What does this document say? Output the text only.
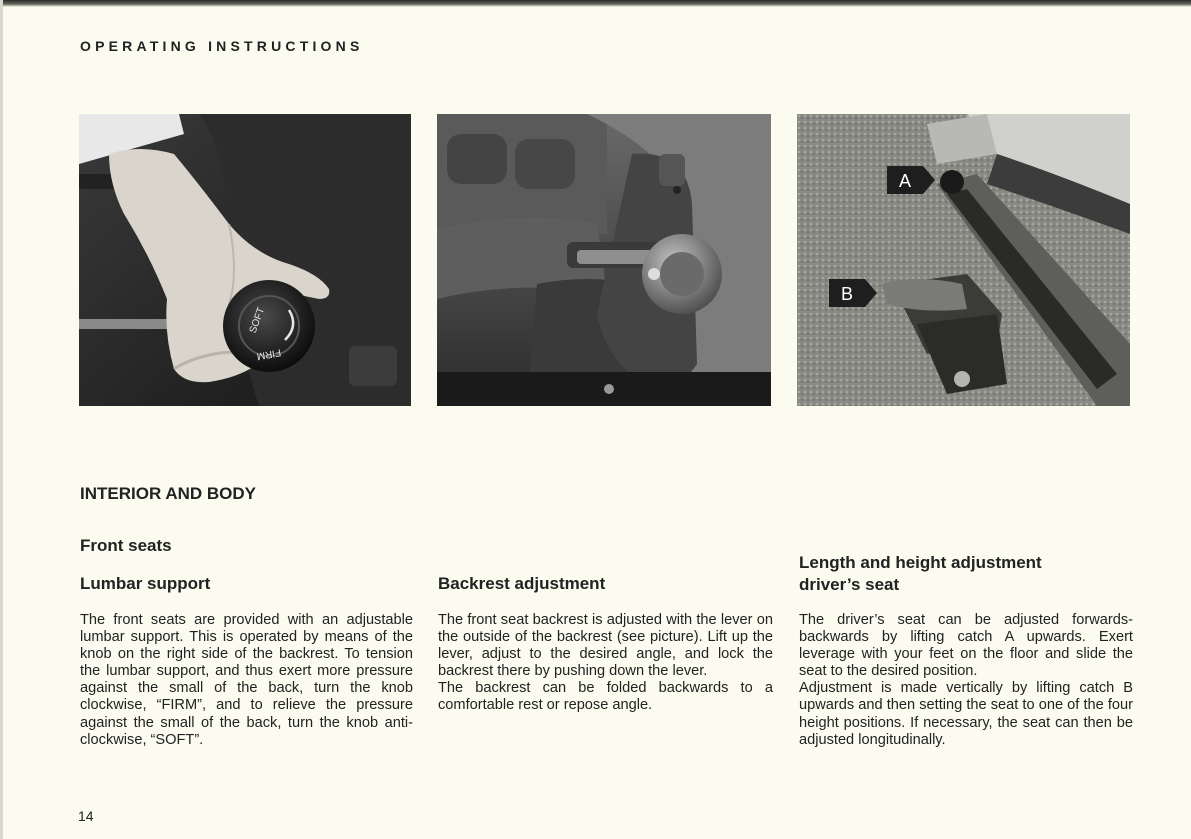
OPERATING INSTRUCTIONS
SOFT
FIRM
A
B
INTERIOR AND BODY
Front seats
Lumbar support

The front seats are provided with an adjustable lumbar support. This is operated by means of the knob on the right side of the backrest. To tension the lumbar support, and thus exert more pressure against the small of the back, turn the knob clockwise, “FIRM”, and to relieve the pressure against the small of the back, turn the knob anti-clockwise, “SOFT”.

Backrest adjustment

The front seat backrest is adjusted with the lever on the outside of the backrest (see picture). Lift up the lever, adjust to the desired angle, and lock the backrest there by pushing down the lever.

The backrest can be folded backwards to a comfortable rest or repose angle.

Length and height adjustment
driver’s seat

The driver’s seat can be adjusted forwards-backwards by lifting catch A upwards. Exert leverage with your feet on the floor and slide the seat to the desired position.

Adjustment is made vertically by lifting catch B upwards and then setting the seat to one of the four height positions. If necessary, the seat can then be adjusted longitudinally.

14
